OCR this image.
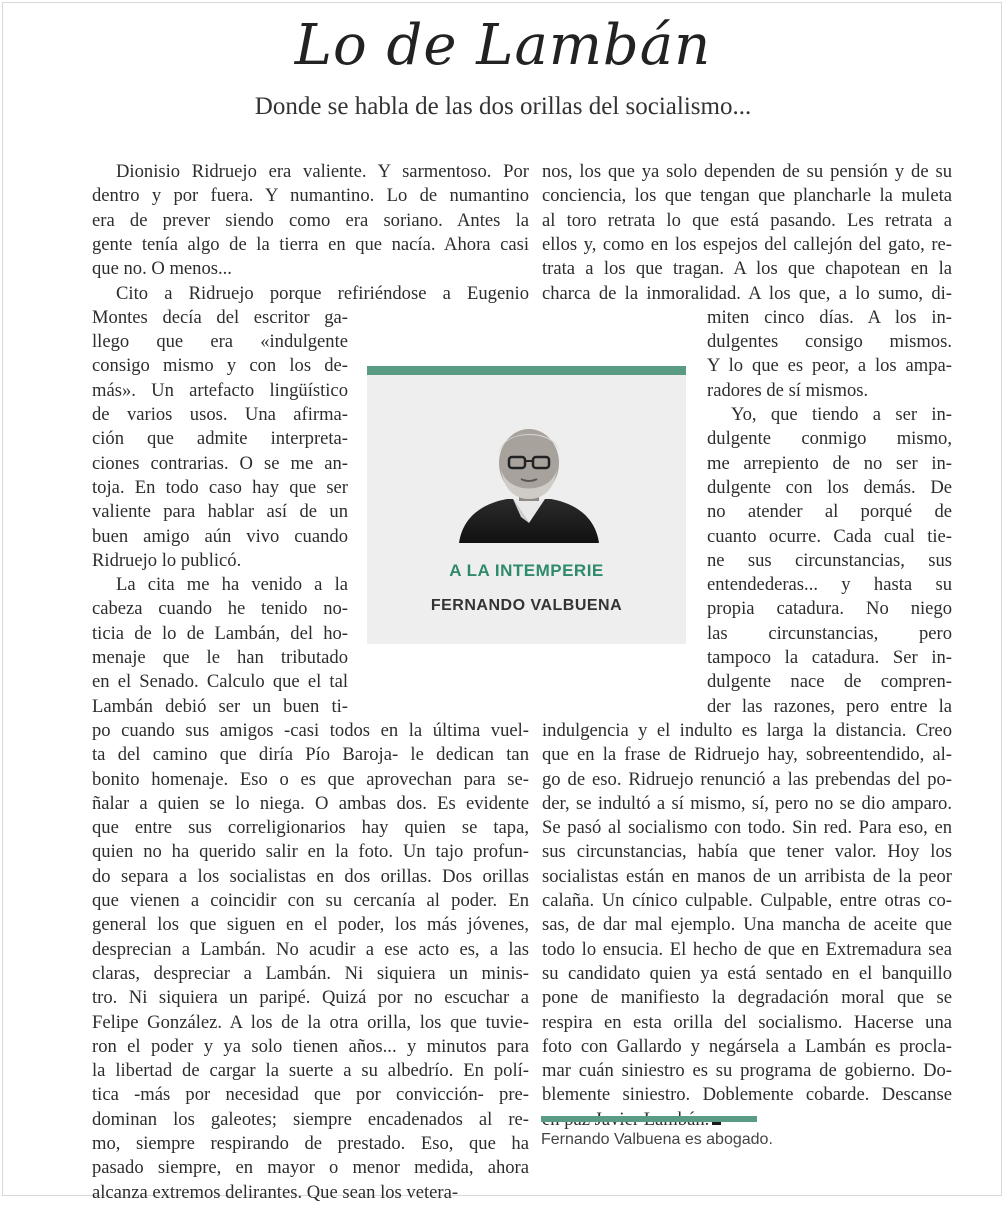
Lo de Lambán
Donde se habla de las dos orillas del socialismo...
Dionisio Ridruejo era valiente. Y sarmentoso. Por
dentro y por fuera. Y numantino. Lo de numantino
era de prever siendo como era soriano. Antes la
gente tenía algo de la tierra en que nacía. Ahora casi
que no. O menos...
Cito a Ridruejo porque refiriéndose a Eugenio
Montes decía del escritor ga-
llego que era «indulgente
consigo mismo y con los de-
más». Un artefacto lingüístico
de varios usos. Una afirma-
ción que admite interpreta-
ciones contrarias. O se me an-
toja. En todo caso hay que ser
valiente para hablar así de un
buen amigo aún vivo cuando
Ridruejo lo publicó.
La cita me ha venido a la
cabeza cuando he tenido no-
ticia de lo de Lambán, del ho-
menaje que le han tributado
en el Senado. Calculo que el tal
Lambán debió ser un buen ti-
po cuando sus amigos -casi todos en la última vuel-
ta del camino que diría Pío Baroja- le dedican tan
bonito homenaje. Eso o es que aprovechan para se-
ñalar a quien se lo niega. O ambas dos. Es evidente
que entre sus correligionarios hay quien se tapa,
quien no ha querido salir en la foto. Un tajo profun-
do separa a los socialistas en dos orillas. Dos orillas
que vienen a coincidir con su cercanía al poder. En
general los que siguen en el poder, los más jóvenes,
desprecian a Lambán. No acudir a ese acto es, a las
claras, despreciar a Lambán. Ni siquiera un minis-
tro. Ni siquiera un paripé. Quizá por no escuchar a
Felipe González. A los de la otra orilla, los que tuvie-
ron el poder y ya solo tienen años... y minutos para
la libertad de cargar la suerte a su albedrío. En polí-
tica -más por necesidad que por convicción- pre-
dominan los galeotes; siempre encadenados al re-
mo, siempre respirando de prestado. Eso, que ha
pasado siempre, en mayor o menor medida, ahora
alcanza extremos delirantes. Que sean los vetera-
nos, los que ya solo dependen de su pensión y de su
conciencia, los que tengan que plancharle la muleta
al toro retrata lo que está pasando. Les retrata a
ellos y, como en los espejos del callejón del gato, re-
trata a los que tragan. A los que chapotean en la
charca de la inmoralidad. A los que, a lo sumo, di-
miten cinco días. A los in-
dulgentes consigo mismos.
Y lo que es peor, a los ampa-
radores de sí mismos.
Yo, que tiendo a ser in-
dulgente conmigo mismo,
me arrepiento de no ser in-
dulgente con los demás. De
no atender al porqué de
cuanto ocurre. Cada cual tie-
ne sus circunstancias, sus
entendederas... y hasta su
propia catadura. No niego
las circunstancias, pero
tampoco la catadura. Ser in-
dulgente nace de compren-
der las razones, pero entre la
indulgencia y el indulto es larga la distancia. Creo
que en la frase de Ridruejo hay, sobreentendido, al-
go de eso. Ridruejo renunció a las prebendas del po-
der, se indultó a sí mismo, sí, pero no se dio amparo.
Se pasó al socialismo con todo. Sin red. Para eso, en
sus circunstancias, había que tener valor. Hoy los
socialistas están en manos de un arribista de la peor
calaña. Un cínico culpable. Culpable, entre otras co-
sas, de dar mal ejemplo. Una mancha de aceite que
todo lo ensucia. El hecho de que en Extremadura sea
su candidato quien ya está sentado en el banquillo
pone de manifiesto la degradación moral que se
respira en esta orilla del socialismo. Hacerse una
foto con Gallardo y negársela a Lambán es procla-
mar cuán siniestro es su programa de gobierno. Do-
blemente siniestro. Doblemente cobarde. Descanse
A LA INTEMPERIE
FERNANDO VALBUENA
Fernando Valbuena es abogado.
